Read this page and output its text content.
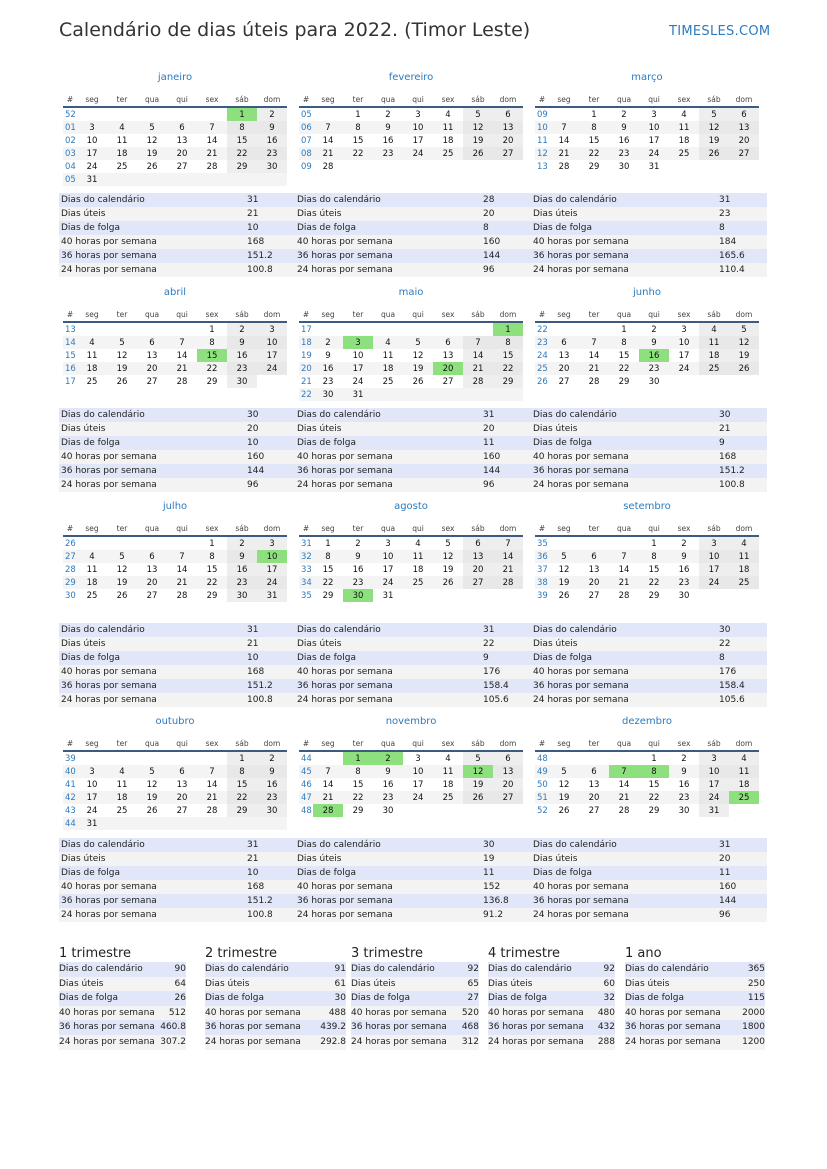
Calendário de dias úteis para 2022. (Timor Leste)	TIMESLES.COM
janeiro
#	seg	ter	qua	qui	sex	sáb	dom
52						1	2
01	3	4	5	6	7	8	9
02	10	11	12	13	14	15	16
03	17	18	19	20	21	22	23
04	24	25	26	27	28	29	30
05	31						
Dias do calendário	31
Dias úteis	21
Dias de folga	10
40 horas por semana	168
36 horas por semana	151.2
24 horas por semana	100.8
fevereiro
#	seg	ter	qua	qui	sex	sáb	dom
05		1	2	3	4	5	6
06	7	8	9	10	11	12	13
07	14	15	16	17	18	19	20
08	21	22	23	24	25	26	27
09	28						
Dias do calendário	28
Dias úteis	20
Dias de folga	8
40 horas por semana	160
36 horas por semana	144
24 horas por semana	96
março
#	seg	ter	qua	qui	sex	sáb	dom
09		1	2	3	4	5	6
10	7	8	9	10	11	12	13
11	14	15	16	17	18	19	20
12	21	22	23	24	25	26	27
13	28	29	30	31			
Dias do calendário	31
Dias úteis	23
Dias de folga	8
40 horas por semana	184
36 horas por semana	165.6
24 horas por semana	110.4
abril
#	seg	ter	qua	qui	sex	sáb	dom
13					1	2	3
14	4	5	6	7	8	9	10
15	11	12	13	14	15	16	17
16	18	19	20	21	22	23	24
17	25	26	27	28	29	30	
Dias do calendário	30
Dias úteis	20
Dias de folga	10
40 horas por semana	160
36 horas por semana	144
24 horas por semana	96
maio
#	seg	ter	qua	qui	sex	sáb	dom
17							1
18	2	3	4	5	6	7	8
19	9	10	11	12	13	14	15
20	16	17	18	19	20	21	22
21	23	24	25	26	27	28	29
22	30	31					
Dias do calendário	31
Dias úteis	20
Dias de folga	11
40 horas por semana	160
36 horas por semana	144
24 horas por semana	96
junho
#	seg	ter	qua	qui	sex	sáb	dom
22			1	2	3	4	5
23	6	7	8	9	10	11	12
24	13	14	15	16	17	18	19
25	20	21	22	23	24	25	26
26	27	28	29	30			
Dias do calendário	30
Dias úteis	21
Dias de folga	9
40 horas por semana	168
36 horas por semana	151.2
24 horas por semana	100.8
julho
#	seg	ter	qua	qui	sex	sáb	dom
26					1	2	3
27	4	5	6	7	8	9	10
28	11	12	13	14	15	16	17
29	18	19	20	21	22	23	24
30	25	26	27	28	29	30	31
Dias do calendário	31
Dias úteis	21
Dias de folga	10
40 horas por semana	168
36 horas por semana	151.2
24 horas por semana	100.8
agosto
#	seg	ter	qua	qui	sex	sáb	dom
31	1	2	3	4	5	6	7
32	8	9	10	11	12	13	14
33	15	16	17	18	19	20	21
34	22	23	24	25	26	27	28
35	29	30	31				
Dias do calendário	31
Dias úteis	22
Dias de folga	9
40 horas por semana	176
36 horas por semana	158.4
24 horas por semana	105.6
setembro
#	seg	ter	qua	qui	sex	sáb	dom
35				1	2	3	4
36	5	6	7	8	9	10	11
37	12	13	14	15	16	17	18
38	19	20	21	22	23	24	25
39	26	27	28	29	30		
Dias do calendário	30
Dias úteis	22
Dias de folga	8
40 horas por semana	176
36 horas por semana	158.4
24 horas por semana	105.6
outubro
#	seg	ter	qua	qui	sex	sáb	dom
39						1	2
40	3	4	5	6	7	8	9
41	10	11	12	13	14	15	16
42	17	18	19	20	21	22	23
43	24	25	26	27	28	29	30
44	31						
Dias do calendário	31
Dias úteis	21
Dias de folga	10
40 horas por semana	168
36 horas por semana	151.2
24 horas por semana	100.8
novembro
#	seg	ter	qua	qui	sex	sáb	dom
44		1	2	3	4	5	6
45	7	8	9	10	11	12	13
46	14	15	16	17	18	19	20
47	21	22	23	24	25	26	27
48	28	29	30				
Dias do calendário	30
Dias úteis	19
Dias de folga	11
40 horas por semana	152
36 horas por semana	136.8
24 horas por semana	91.2
dezembro
#	seg	ter	qua	qui	sex	sáb	dom
48				1	2	3	4
49	5	6	7	8	9	10	11
50	12	13	14	15	16	17	18
51	19	20	21	22	23	24	25
52	26	27	28	29	30	31	
Dias do calendário	31
Dias úteis	20
Dias de folga	11
40 horas por semana	160
36 horas por semana	144
24 horas por semana	96
1 trimestre
Dias do calendário	90
Dias úteis	64
Dias de folga	26
40 horas por semana 512
36 horas por semana 460.8
24 horas por semana 307.2
2 trimestre
Dias do calendário	91
Dias úteis	61
Dias de folga	30
40 horas por semana	488
36 horas por semana 439.2
24 horas por semana 292.8
3 trimestre
Dias do calendário	92
Dias úteis	65
Dias de folga	27
40 horas por semana 520
36 horas por semana 468
24 horas por semana 312
4 trimestre
Dias do calendário	92
Dias úteis	60
Dias de folga	32
40 horas por semana 480
36 horas por semana 432
24 horas por semana 288
1 ano
Dias do calendário	365
Dias úteis	250
Dias de folga	115
40 horas por semana 2000
36 horas por semana 1800
24 horas por semana 1200
